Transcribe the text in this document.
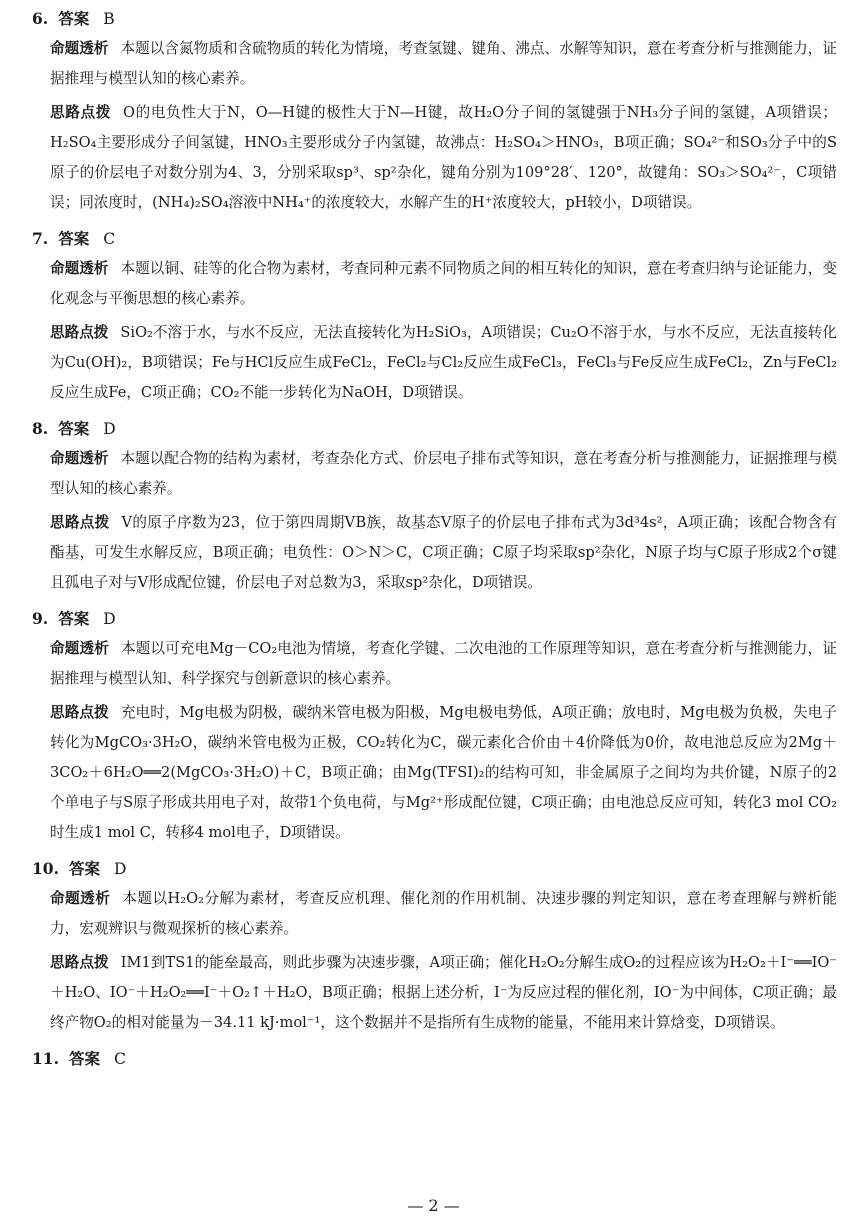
6. 答案 B

命题透析 本题以含氮物质和含硫物质的转化为情境，考查氢键、键角、沸点、水解等知识，意在考查分析与推测能力，证据推理与模型认知的核心素养。

思路点拨 O的电负性大于N，O—H键的极性大于N—H键，故H₂O分子间的氢键强于NH₃分子间的氢键，A项错误；H₂SO₄主要形成分子间氢键，HNO₃主要形成分子内氢键，故沸点：H₂SO₄＞HNO₃，B项正确；SO₄²⁻和SO₃分子中的S原子的价层电子对数分别为4、3，分别采取sp³、sp²杂化，键角分别为109°28′、120°，故键角：SO₃＞SO₄²⁻，C项错误；同浓度时，(NH₄)₂SO₄溶液中NH₄⁺的浓度较大，水解产生的H⁺浓度较大，pH较小，D项错误。

7. 答案 C

命题透析 本题以铜、硅等的化合物为素材，考查同种元素不同物质之间的相互转化的知识，意在考查归纳与论证能力，变化观念与平衡思想的核心素养。

思路点拨 SiO₂不溶于水，与水不反应，无法直接转化为H₂SiO₃，A项错误；Cu₂O不溶于水，与水不反应，无法直接转化为Cu(OH)₂，B项错误；Fe与HCl反应生成FeCl₂，FeCl₂与Cl₂反应生成FeCl₃，FeCl₃与Fe反应生成FeCl₂，Zn与FeCl₂反应生成Fe，C项正确；CO₂不能一步转化为NaOH，D项错误。

8. 答案 D

命题透析 本题以配合物的结构为素材，考查杂化方式、价层电子排布式等知识，意在考查分析与推测能力，证据推理与模型认知的核心素养。

思路点拨 V的原子序数为23，位于第四周期ⅤB族，故基态V原子的价层电子排布式为3d³4s²，A项正确；该配合物含有酯基，可发生水解反应，B项正确；电负性：O＞N＞C，C项正确；C原子均采取sp²杂化，N原子均与C原子形成2个σ键且孤电子对与V形成配位键，价层电子对总数为3，采取sp²杂化，D项错误。

9. 答案 D

命题透析 本题以可充电Mg－CO₂电池为情境，考查化学键、二次电池的工作原理等知识，意在考查分析与推测能力，证据推理与模型认知、科学探究与创新意识的核心素养。

思路点拨 充电时，Mg电极为阴极，碳纳米管电极为阳极，Mg电极电势低，A项正确；放电时，Mg电极为负极，失电子转化为MgCO₃·3H₂O，碳纳米管电极为正极，CO₂转化为C，碳元素化合价由＋4价降低为0价，故电池总反应为2Mg＋3CO₂＋6H₂O══2(MgCO₃·3H₂O)＋C，B项正确；由Mg(TFSI)₂的结构可知，非金属原子之间均为共价键，N原子的2个单电子与S原子形成共用电子对，故带1个负电荷，与Mg²⁺形成配位键，C项正确；由电池总反应可知，转化3 mol CO₂时生成1 mol C，转移4 mol电子，D项错误。

10. 答案 D

命题透析 本题以H₂O₂分解为素材，考查反应机理、催化剂的作用机制、决速步骤的判定知识，意在考查理解与辨析能力，宏观辨识与微观探析的核心素养。

思路点拨 IM1到TS1的能垒最高，则此步骤为决速步骤，A项正确；催化H₂O₂分解生成O₂的过程应该为H₂O₂＋I⁻══IO⁻＋H₂O、IO⁻＋H₂O₂══I⁻＋O₂↑＋H₂O，B项正确；根据上述分析，I⁻为反应过程的催化剂，IO⁻为中间体，C项正确；最终产物O₂的相对能量为－34.11 kJ·mol⁻¹，这个数据并不是指所有生成物的能量，不能用来计算焓变，D项错误。

11. 答案 C
— 2 —
